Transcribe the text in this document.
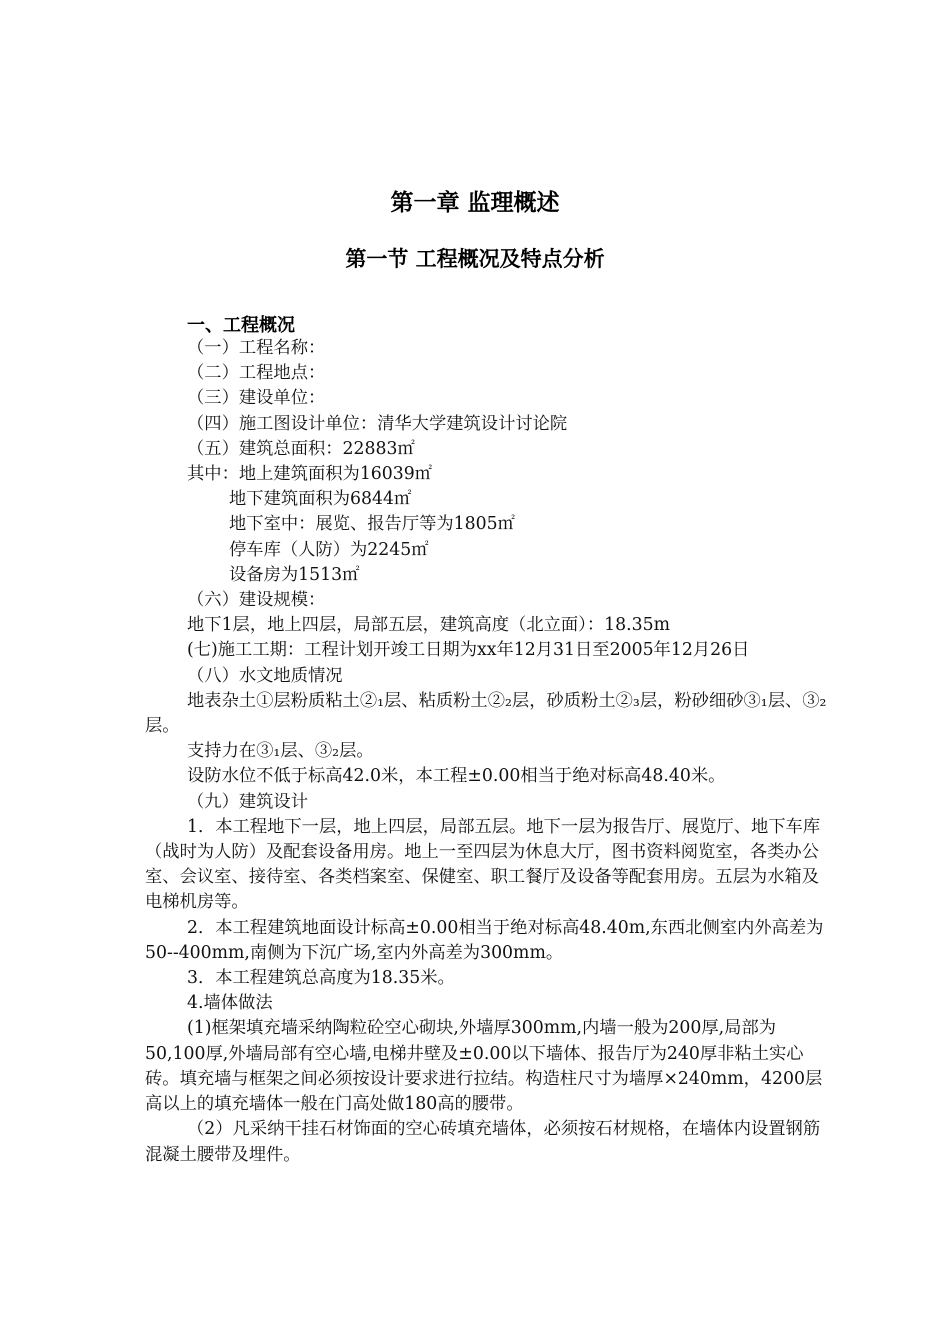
第一章 监理概述
第一节 工程概况及特点分析
一、工程概况
（一）工程名称：
（二）工程地点：
（三）建设单位：
（四）施工图设计单位：清华大学建筑设计讨论院
（五）建筑总面积：22883㎡
其中：地上建筑面积为16039㎡
地下建筑面积为6844㎡
地下室中：展览、报告厅等为1805㎡
停车库（人防）为2245㎡
设备房为1513㎡
（六）建设规模：
地下1层，地上四层，局部五层，建筑高度（北立面）：18.35m
(七)施工工期：工程计划开竣工日期为xx年12月31日至2005年12月26日
（八）水文地质情况
地表杂土①层粉质粘土②₁层、粘质粉土②₂层，砂质粉土②₃层，粉砂细砂③₁层、③₂层。
支持力在③₁层、③₂层。
设防水位不低于标高42.0米，本工程±0.00相当于绝对标高48.40米。
（九）建筑设计
1．本工程地下一层，地上四层，局部五层。地下一层为报告厅、展览厅、地下车库（战时为人防）及配套设备用房。地上一至四层为休息大厅，图书资料阅览室，各类办公室、会议室、接待室、各类档案室、保健室、职工餐厅及设备等配套用房。五层为水箱及电梯机房等。
2．本工程建筑地面设计标高±0.00相当于绝对标高48.40m,东西北侧室内外高差为50--400mm,南侧为下沉广场,室内外高差为300mm。
3．本工程建筑总高度为18.35米。
4.墙体做法
(1)框架填充墙采纳陶粒砼空心砌块,外墙厚300mm,内墙一般为200厚,局部为50,100厚,外墙局部有空心墙,电梯井壁及±0.00以下墙体、报告厅为240厚非粘土实心砖。填充墙与框架之间必须按设计要求进行拉结。构造柱尺寸为墙厚×240mm，4200层高以上的填充墙体一般在门高处做180高的腰带。
（2）凡采纳干挂石材饰面的空心砖填充墙体，必须按石材规格，在墙体内设置钢筋混凝土腰带及埋件。
